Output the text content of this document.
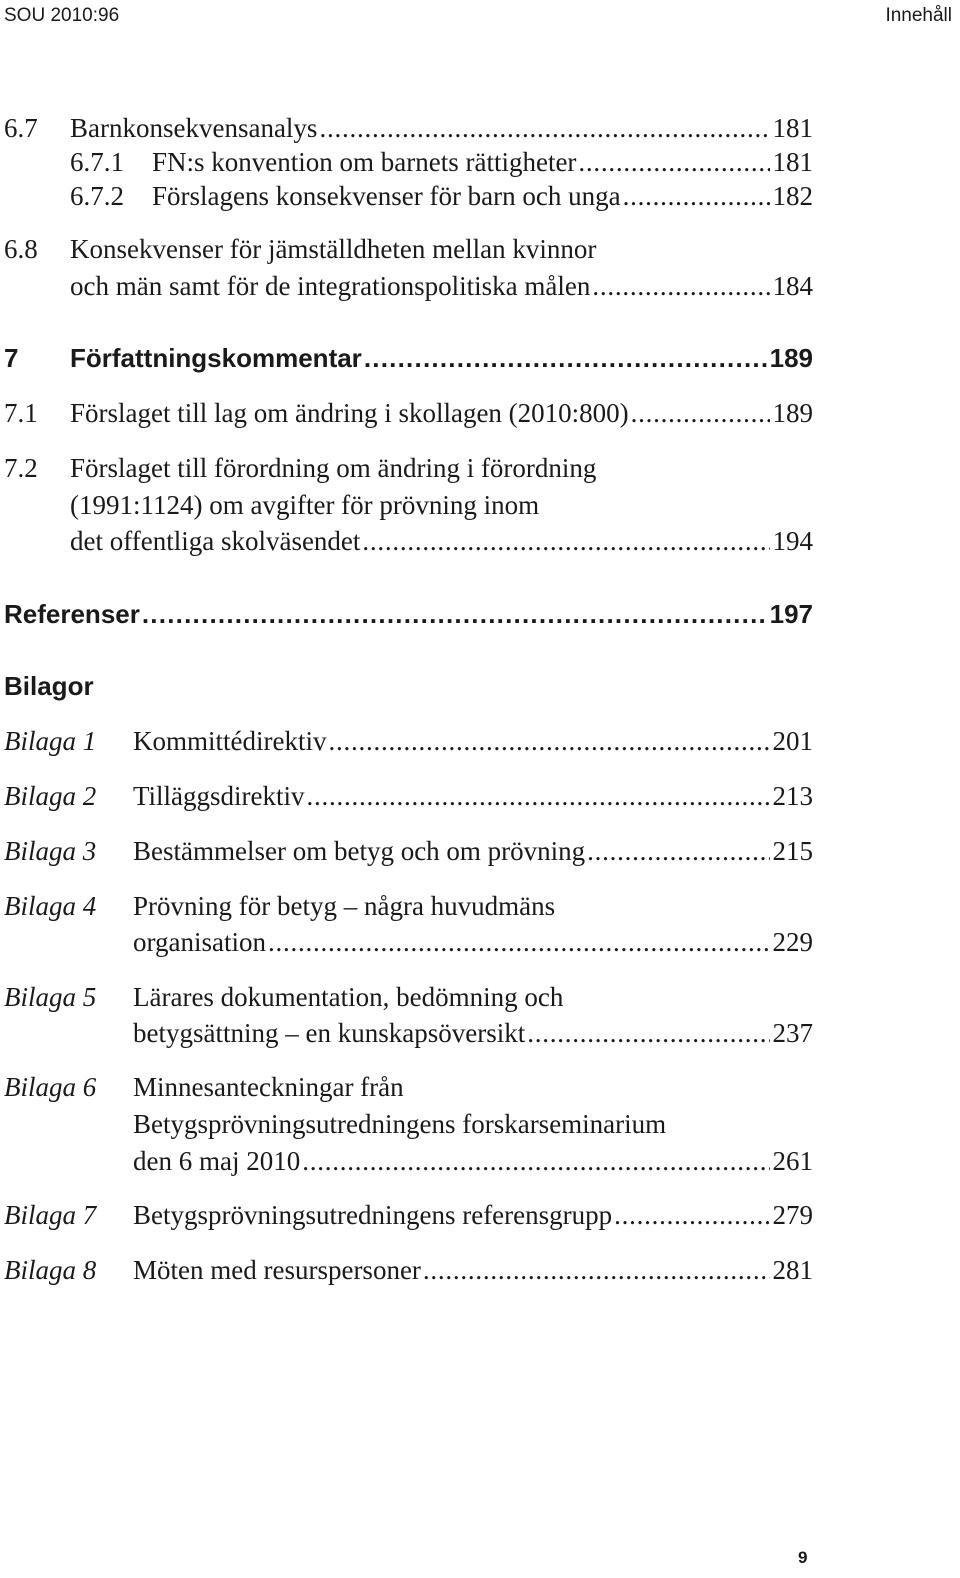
SOU 2010:96	Innehåll
6.7 Barnkonsekvensanalys . . .	181
6.7.1 FN:s konvention om barnets rättigheter . . .	181
6.7.2 Förslagens konsekvenser för barn och unga . . .	182
6.8 Konsekvenser för jämställdheten mellan kvinnor
och män samt för de integrationspolitiska målen . . .	184
7 Författningskommentar . . .	189
7.1 Förslaget till lag om ändring i skollagen (2010:800) . . .	189
7.2 Förslaget till förordning om ändring i förordning
(1991:1124) om avgifter för prövning inom
det offentliga skolväsendet . . .	194
Referenser . . .	197
Bilagor
Bilaga 1 Kommittédirektiv . . .	201
Bilaga 2 Tilläggsdirektiv . . .	213
Bilaga 3 Bestämmelser om betyg och om prövning . . .	215
Bilaga 4 Prövning för betyg – några huvudmäns
organisation . . .	229
Bilaga 5 Lärares dokumentation, bedömning och
betygsättning – en kunskapsöversikt . . .	237
Bilaga 6 Minnesanteckningar från
Betygsprövningsutredningens forskarseminarium
den 6 maj 2010 . . .	261
Bilaga 7 Betygsprövningsutredningens referensgrupp . . .	279
Bilaga 8 Möten med resurspersoner . . .	281
9
